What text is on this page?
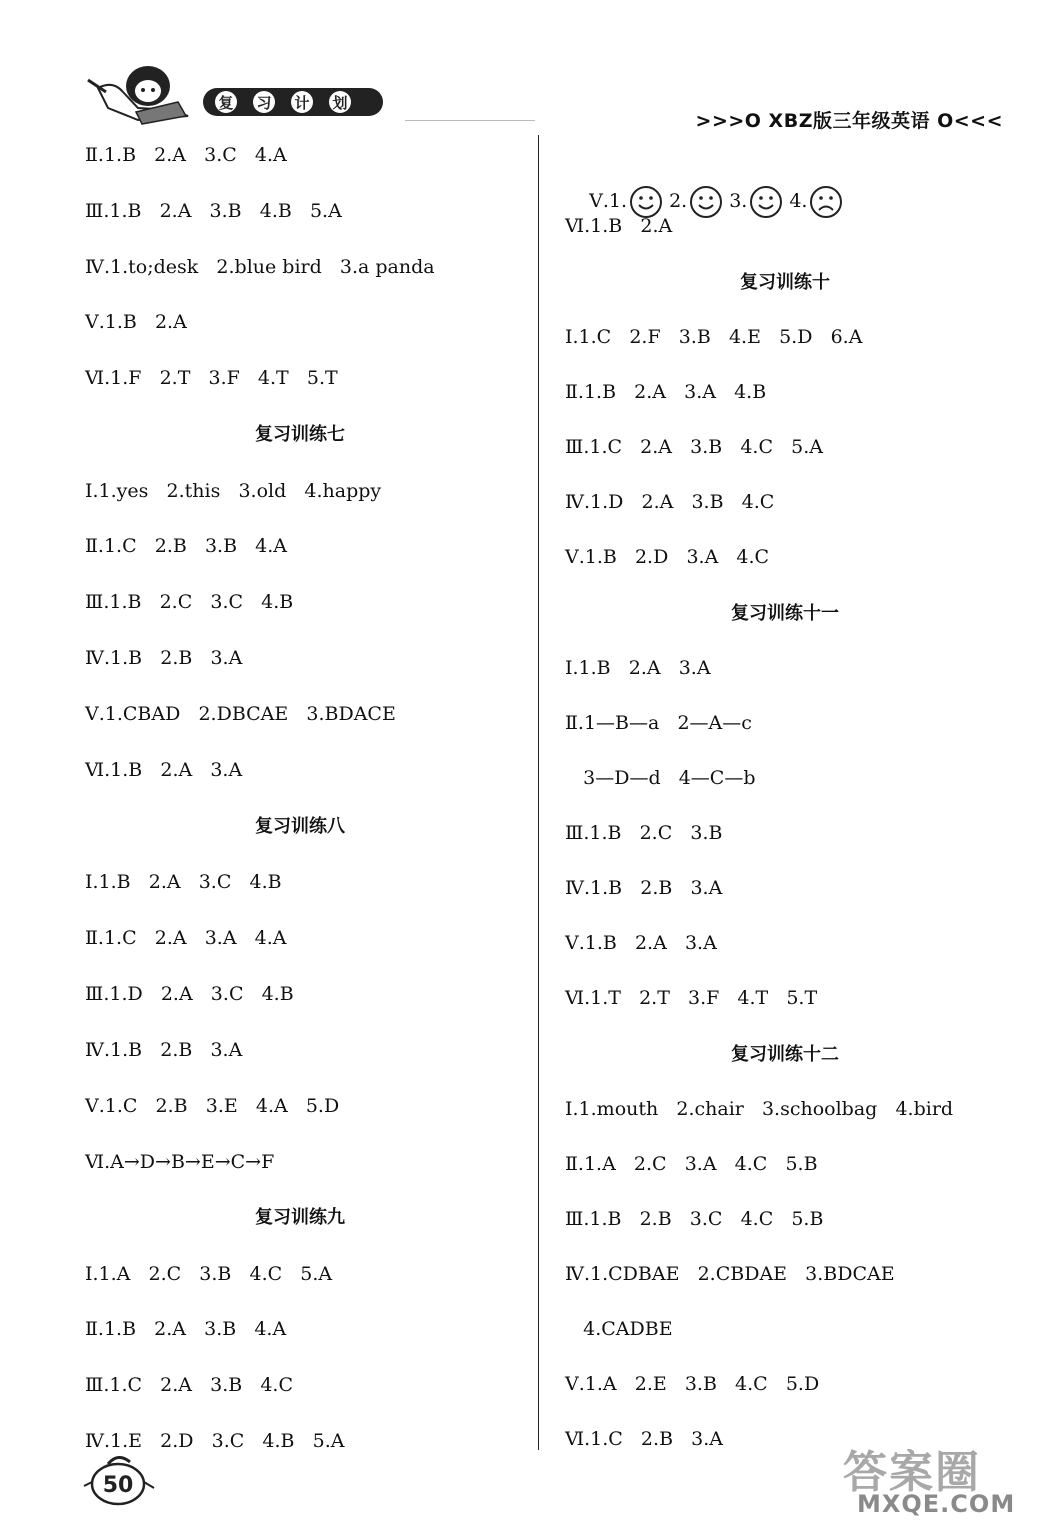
复 习 计 划
>>>O XBZ版三年级英语 O<<<
Ⅱ.1.B   2.A   3.C   4.A
Ⅲ.1.B   2.A   3.B   4.B   5.A
Ⅳ.1.to;desk   2.blue bird   3.a panda
Ⅴ.1.B   2.A
Ⅵ.1.F   2.T   3.F   4.T   5.T
复习训练七
Ⅰ.1.yes   2.this   3.old   4.happy
Ⅱ.1.C   2.B   3.B   4.A
Ⅲ.1.B   2.C   3.C   4.B
Ⅳ.1.B   2.B   3.A
Ⅴ.1.CBAD   2.DBCAE   3.BDACE
Ⅵ.1.B   2.A   3.A
复习训练八
Ⅰ.1.B   2.A   3.C   4.B
Ⅱ.1.C   2.A   3.A   4.A
Ⅲ.1.D   2.A   3.C   4.B
Ⅳ.1.B   2.B   3.A
Ⅴ.1.C   2.B   3.E   4.A   5.D
Ⅵ.A→D→B→E→C→F
复习训练九
Ⅰ.1.A   2.C   3.B   4.C   5.A
Ⅱ.1.B   2.A   3.B   4.A
Ⅲ.1.C   2.A   3.B   4.C
Ⅳ.1.E   2.D   3.C   4.B   5.A

Ⅴ.1. 2. 3. 4.

Ⅵ.1.B   2.A
复习训练十
Ⅰ.1.C   2.F   3.B   4.E   5.D   6.A
Ⅱ.1.B   2.A   3.A   4.B
Ⅲ.1.C   2.A   3.B   4.C   5.A
Ⅳ.1.D   2.A   3.B   4.C
Ⅴ.1.B   2.D   3.A   4.C
复习训练十一
Ⅰ.1.B   2.A   3.A
Ⅱ.1—B—a   2—A—c
3—D—d   4—C—b
Ⅲ.1.B   2.C   3.B
Ⅳ.1.B   2.B   3.A
Ⅴ.1.B   2.A   3.A
Ⅵ.1.T   2.T   3.F   4.T   5.T
复习训练十二
Ⅰ.1.mouth   2.chair   3.schoolbag   4.bird
Ⅱ.1.A   2.C   3.A   4.C   5.B
Ⅲ.1.B   2.B   3.C   4.C   5.B
Ⅳ.1.CDBAE   2.CBDAE   3.BDCAE
4.CADBE
Ⅴ.1.A   2.E   3.B   4.C   5.D
Ⅵ.1.C   2.B   3.A
50	答案圈
MXQE.COM
